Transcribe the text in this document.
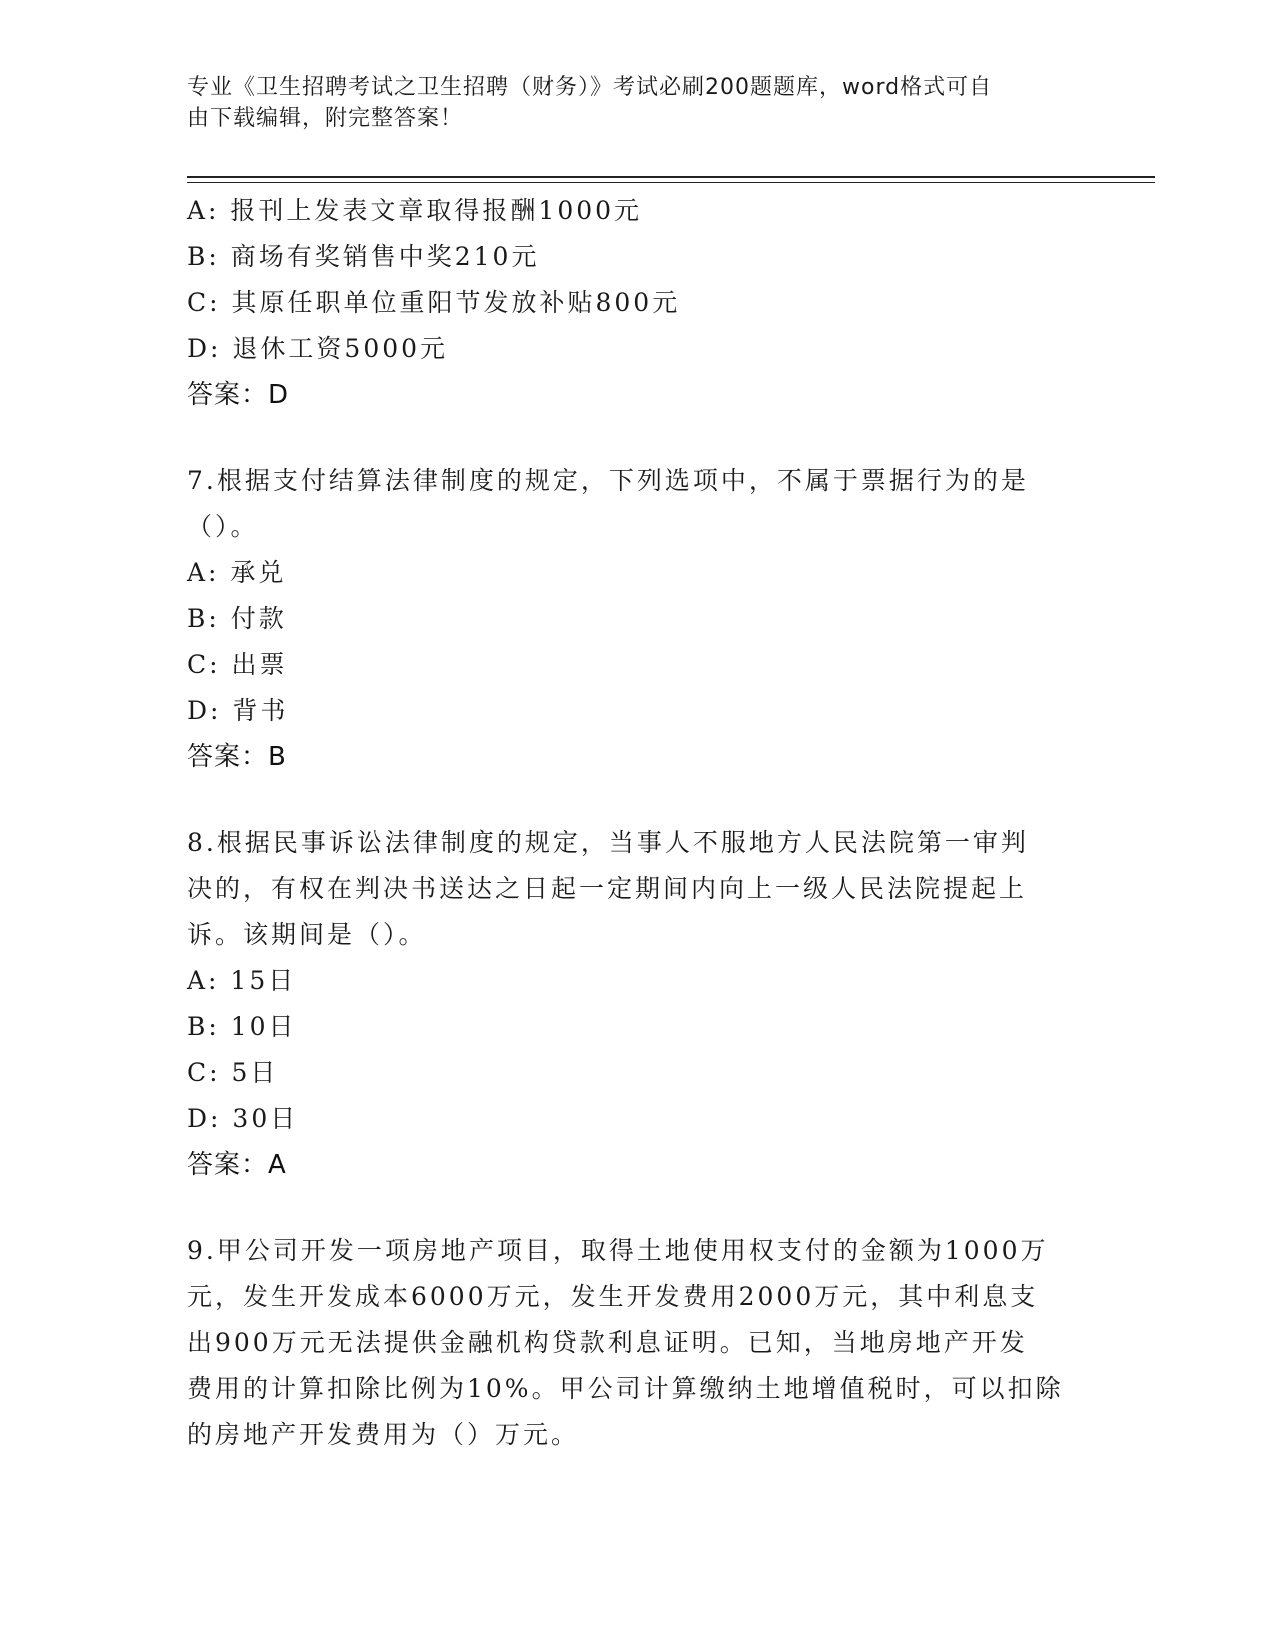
专业《卫生招聘考试之卫生招聘（财务）》考试必刷200题题库，word格式可自
由下载编辑，附完整答案！
A: 报刊上发表文章取得报酬1000元
B: 商场有奖销售中奖210元
C: 其原任职单位重阳节发放补贴800元
D: 退休工资5000元
答案：D
7.根据支付结算法律制度的规定，下列选项中，不属于票据行为的是
（）。
A: 承兑
B: 付款
C: 出票
D: 背书
答案：B
8.根据民事诉讼法律制度的规定，当事人不服地方人民法院第一审判
决的，有权在判决书送达之日起一定期间内向上一级人民法院提起上
诉。该期间是（）。
A: 15日
B: 10日
C: 5日
D: 30日
答案：A
9.甲公司开发一项房地产项目，取得土地使用权支付的金额为1000万
元，发生开发成本6000万元，发生开发费用2000万元，其中利息支
出900万元无法提供金融机构贷款利息证明。已知，当地房地产开发
费用的计算扣除比例为10%。甲公司计算缴纳土地增值税时，可以扣除
的房地产开发费用为（）万元。
